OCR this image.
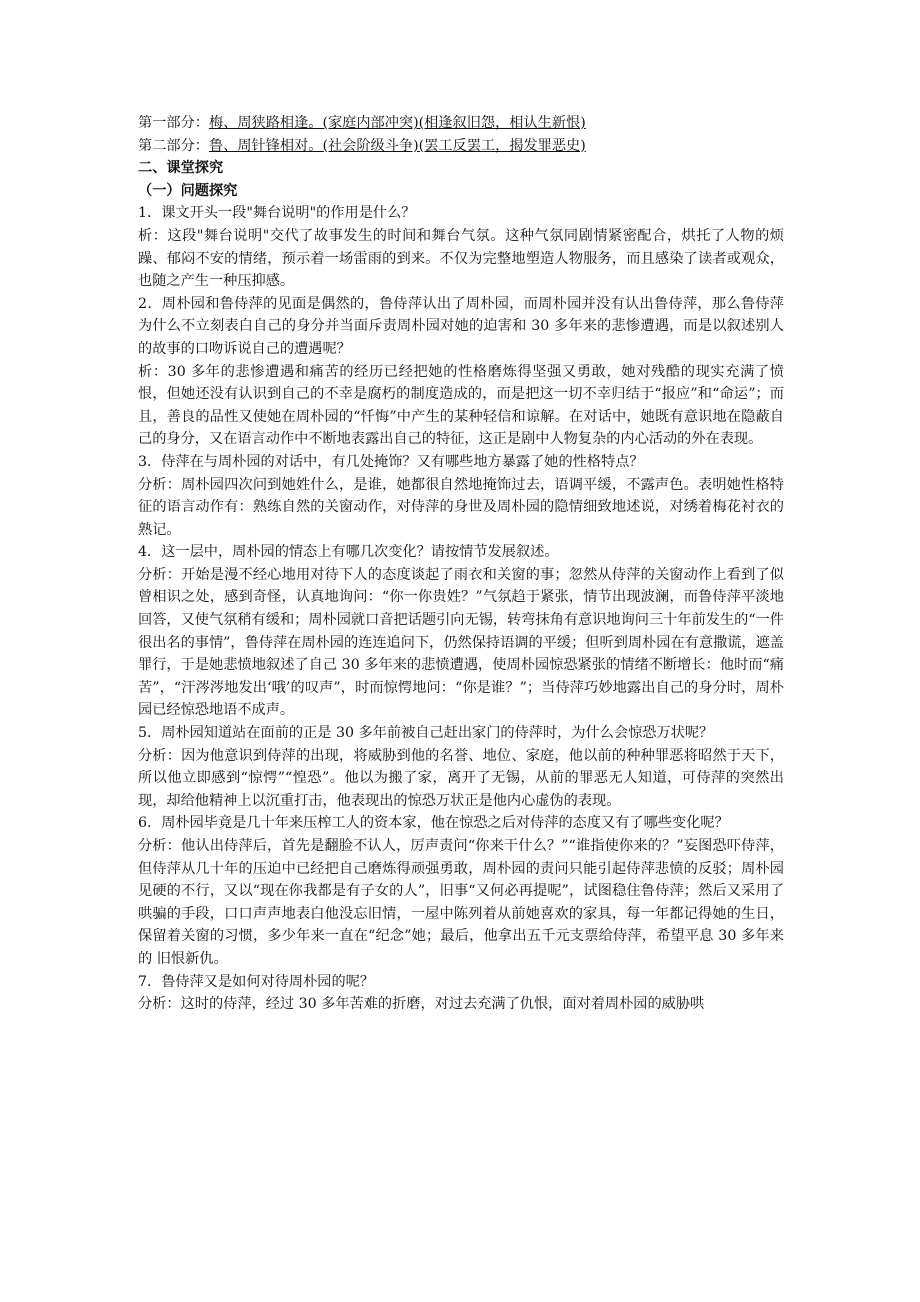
第一部分：梅、周狭路相逢。(家庭内部冲突)(相逢叙旧怨，相认生新恨)

第二部分：鲁、周针锋相对。(社会阶级斗争)(罢工反罢工，揭发罪恶史)

二、课堂探究

（一）问题探究

1．课文开头一段"舞台说明"的作用是什么？

析：这段"舞台说明"交代了故事发生的时间和舞台气氛。这种气氛同剧情紧密配合，烘托了人物的烦躁、郁闷不安的情绪，预示着一场雷雨的到来。不仅为完整地塑造人物服务，而且感染了读者或观众，也随之产生一种压抑感。

2．周朴园和鲁侍萍的见面是偶然的，鲁侍萍认出了周朴园，而周朴园并没有认出鲁侍萍，那么鲁侍萍为什么不立刻表白自己的身分并当面斥责周朴园对她的迫害和 30 多年来的悲惨遭遇，而是以叙述别人 的故事的口吻诉说自己的遭遇呢？

析：30 多年的悲惨遭遇和痛苦的经历已经把她的性格磨炼得坚强又勇敢，她对残酷的现实充满了愤恨，但她还没有认识到自己的不幸是腐朽的制度造成的，而是把这一切不幸归结于“报应”和“命运”；而且，善良的品性又使她在周朴园的“忏悔”中产生的某种轻信和谅解。在对话中，她既有意识地在隐蔽自己的身分，又在语言动作中不断地表露出自己的特征，这正是剧中人物复杂的内心活动的外在表现。

3．侍萍在与周朴园的对话中，有几处掩饰？又有哪些地方暴露了她的性格特点？

分析：周朴园四次问到她姓什么，是谁，她都很自然地掩饰过去，语调平缓，不露声色。表明她性格特征的语言动作有：熟练自然的关窗动作，对侍萍的身世及周朴园的隐情细致地述说，对绣着梅花衬衣的熟记。

4．这一层中，周朴园的情态上有哪几次变化？请按情节发展叙述。

分析：开始是漫不经心地用对待下人的态度谈起了雨衣和关窗的事；忽然从侍萍的关窗动作上看到了似曾相识之处，感到奇怪，认真地询问：“你一你贵姓？”气氛趋于紧张，情节出现波澜，而鲁侍萍平淡地回答，又使气氛稍有缓和；周朴园就口音把话题引向无锡，转弯抹角有意识地询问三十年前发生的“一件很出名的事情”，鲁侍萍在周朴园的连连追问下，仍然保持语调的平缓；但听到周朴园在有意撒谎，遮盖罪行，于是她悲愤地叙述了自己 30 多年来的悲愤遭遇，使周朴园惊恐紧张的情绪不断增长：他时而“痛苦”，“汗涔涔地发出‘哦’的叹声”，时而惊愕地问：“你是谁？”；当侍萍巧妙地露出自己的身分时，周朴园已经惊恐地语不成声。

5．周朴园知道站在面前的正是 30 多年前被自己赶出家门的侍萍时，为什么会惊恐万状呢？

分析：因为他意识到侍萍的出现，将威胁到他的名誉、地位、家庭，他以前的种种罪恶将昭然于天下，所以他立即感到“惊愕”“惶恐”。他以为搬了家，离开了无锡，从前的罪恶无人知道，可侍萍的突然出现，却给他精神上以沉重打击，他表现出的惊恐万状正是他内心虚伪的表现。

6．周朴园毕竟是几十年来压榨工人的资本家，他在惊恐之后对侍萍的态度又有了哪些变化呢？

分析：他认出侍萍后，首先是翻脸不认人，厉声责问“你来干什么？”“谁指使你来的？”妄图恐吓侍萍，但侍萍从几十年的压迫中已经把自己磨炼得顽强勇敢，周朴园的责问只能引起侍萍悲愤的反驳；周朴园见硬的不行，又以“现在你我都是有子女的人”，旧事“又何必再提呢”，试图稳住鲁侍萍；然后又采用了哄骗的手段，口口声声地表白他没忘旧情，一屋中陈列着从前她喜欢的家具，每一年都记得她的生日，保留着关窗的习惯，多少年来一直在“纪念”她；最后，他拿出五千元支票给侍萍，希望平息 30 多年来的 旧恨新仇。

7．鲁侍萍又是如何对待周朴园的呢？

分析：这时的侍萍，经过 30 多年苦难的折磨，对过去充满了仇恨，面对着周朴园的威胁哄
